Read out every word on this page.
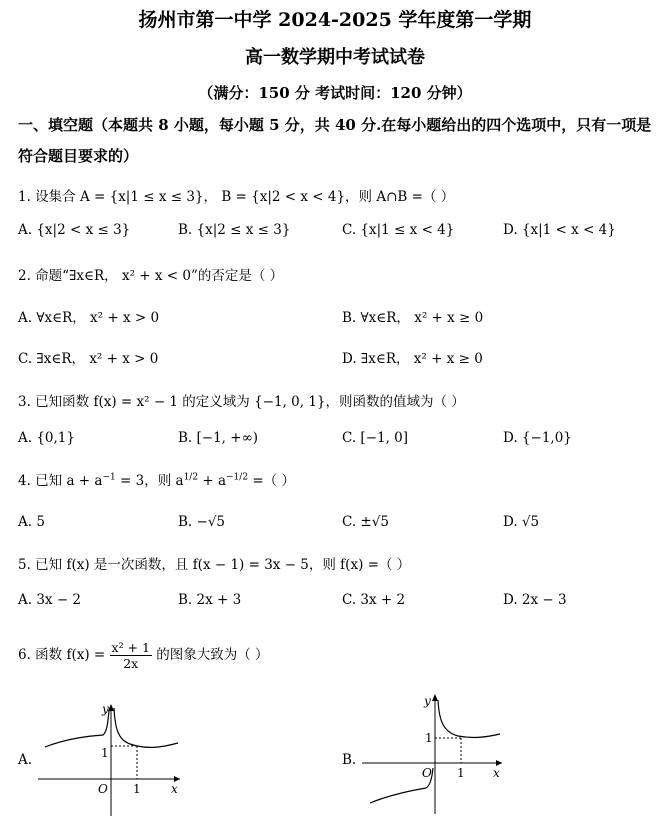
扬州市第一中学 2024-2025 学年度第一学期
高一数学期中考试试卷
（满分：150 分 考试时间：120 分钟）
一、填空题（本题共 8 小题，每小题 5 分，共 40 分.在每小题给出的四个选项中，只有一项是
符合题目要求的）
1. 设集合 A = {x|1 ≤ x ≤ 3}， B = {x|2 < x < 4}，则 A∩B =（ ）
A. {x|2 < x ≤ 3}	B. {x|2 ≤ x ≤ 3}	C. {x|1 ≤ x < 4}	D. {x|1 < x < 4}
2. 命题“∃x∈R， x² + x < 0”的否定是（ ）
A. ∀x∈R， x² + x > 0	B. ∀x∈R， x² + x ≥ 0
C. ∃x∈R， x² + x > 0	D. ∃x∈R， x² + x ≥ 0
3. 已知函数 f(x) = x² − 1 的定义域为 {−1, 0, 1}，则函数的值域为（ ）
A. {0,1}	B. [−1, +∞)	C. [−1, 0]	D. {−1,0}
4. 已知 $a + a^{-1} = 3$，则 $a^{1/2} + a^{-1/2}$ =（ ）
A. 5	B. −√5	C. ±√5	D. √5
5. 已知 f(x) 是一次函数，且 f(x − 1) = 3x − 5，则 f(x) =（ ）
A. 3x − 2	B. 2x + 3	C. 3x + 2	D. 2x − 3
6. 函数 $f(x) = \frac{\text{x² + 1}}{2x}$ 的图象大致为（ ）
A.
y
x
O 1
1	B.
y
x
O 1
1
